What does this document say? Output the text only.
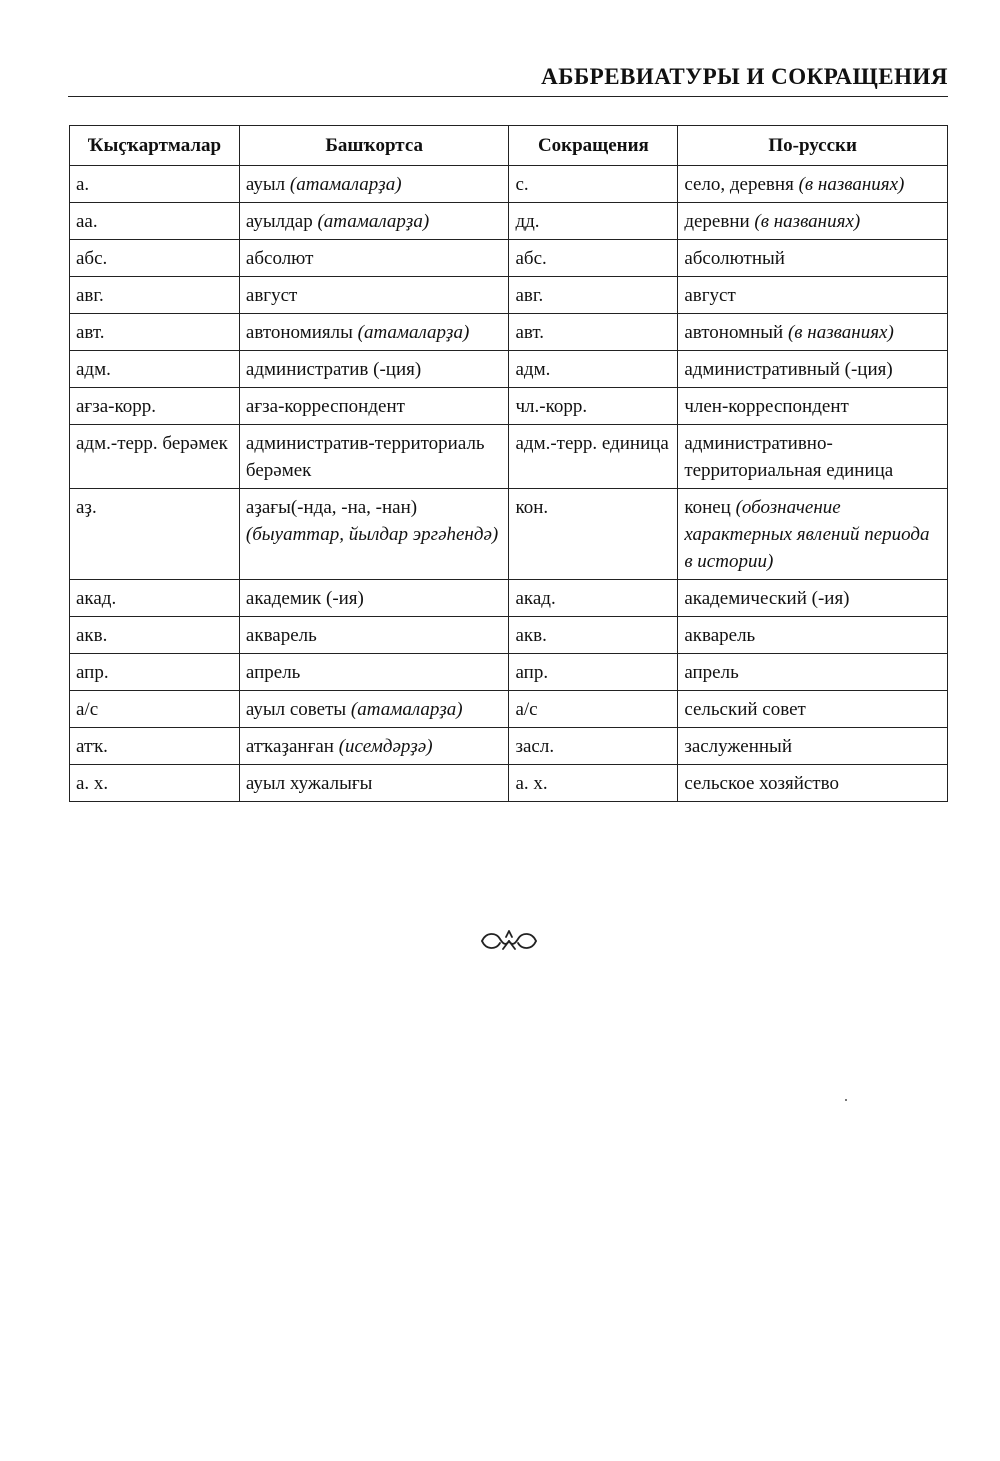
АББРЕВИАТУРЫ И СОКРАЩЕНИЯ
Ҡыҫҡартмалар	Башҡортса	Сокращения	По-русски
а.	ауыл (атамаларҙа)	с.	село, деревня (в названиях)
аа.	ауылдар (атамаларҙа)	дд.	деревни (в названиях)
абс.	абсолют	абс.	абсолютный
авг.	август	авг.	август
авт.	автономиялы (атамаларҙа)	авт.	автономный (в названиях)
адм.	административ (-ция)	адм.	административный (-ция)
ағза-корр.	ағза-корреспондент	чл.-корр.	член-корреспондент
адм.-терр. берәмек	административ-территориаль берәмек	адм.-терр. единица	административно-территориальная единица
аҙ.	аҙағы(-нда, -на, -нан) (быуаттар, йылдар эргәһендә)	кон.	конец (обозначение характерных явлений периода в истории)
акад.	академик (-ия)	акад.	академический (-ия)
акв.	акварель	акв.	акварель
апр.	апрель	апр.	апрель
а/с	ауыл советы (атамаларҙа)	а/с	сельский совет
атҡ.	атҡаҙанған (исемдәрҙә)	засл.	заслуженный
а. х.	ауыл хужалығы	а. х.	сельское хозяйство
